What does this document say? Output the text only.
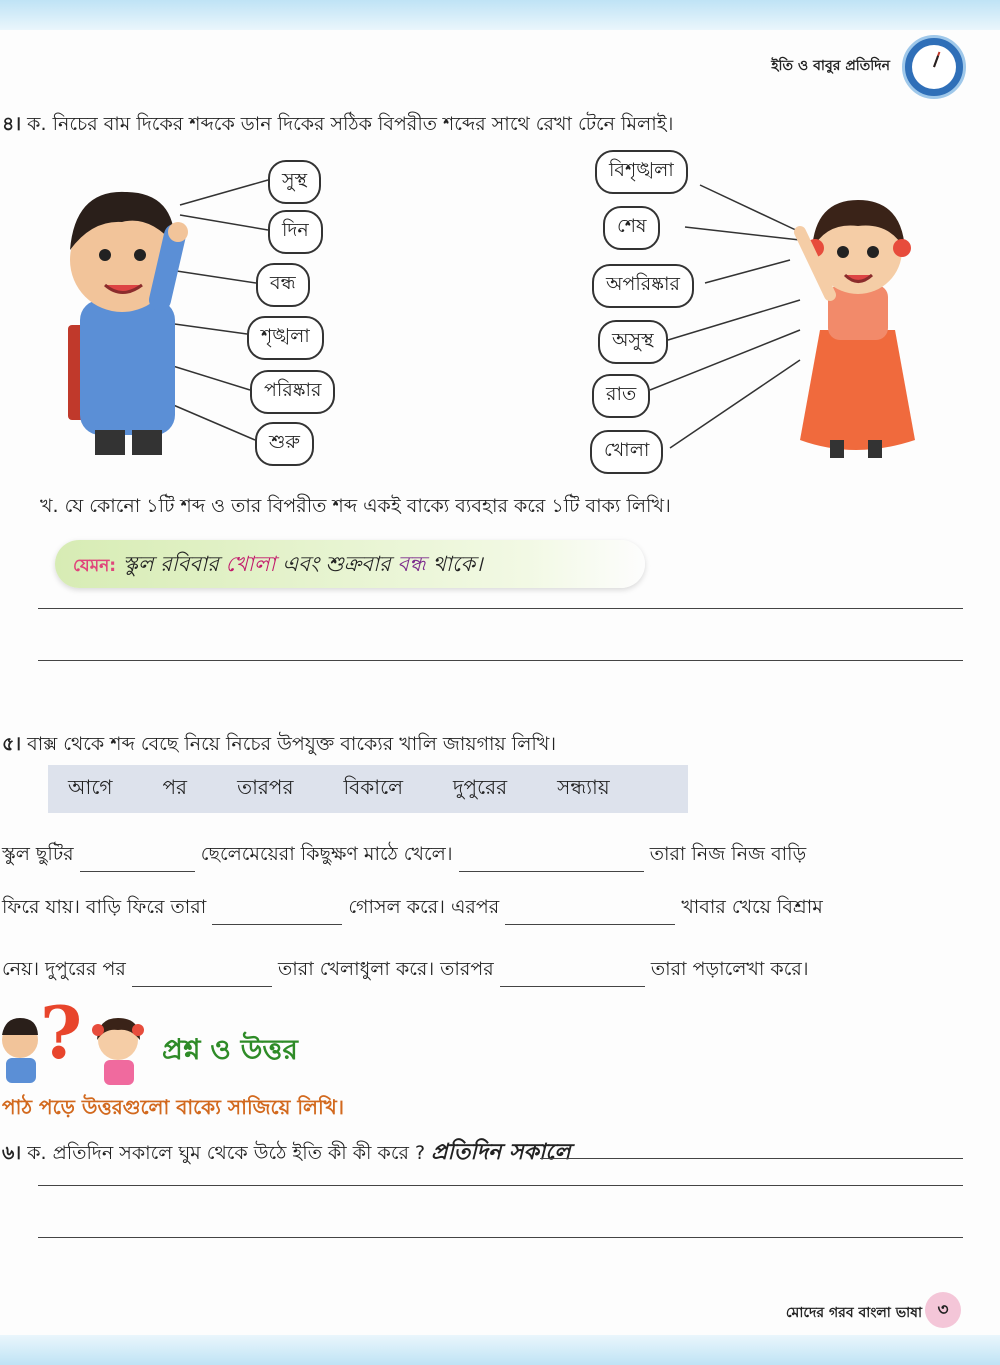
ইতি ও বাবুর প্রতিদিন
৪। ক. নিচের বাম দিকের শব্দকে ডান দিকের সঠিক বিপরীত শব্দের সাথে রেখা টেনে মিলাই।
সুস্থ
দিন
বন্ধ
শৃঙ্খলা
পরিষ্কার
শুরু
বিশৃঙ্খলা
শেষ
অপরিষ্কার
অসুস্থ
রাত
খোলা
খ. যে কোনো ১টি শব্দ ও তার বিপরীত শব্দ একই বাক্যে ব্যবহার করে ১টি বাক্য লিখি।
যেমন: স্কুল রবিবার খোলা এবং শুক্রবার বন্ধ থাকে।
৫। বাক্স থেকে শব্দ বেছে নিয়ে নিচের উপযুক্ত বাক্যের খালি জায়গায় লিখি।
আগে	পর	তারপর	বিকালে	দুপুরের	সন্ধ্যায়
স্কুল ছুটির	ছেলেমেয়েরা কিছুক্ষণ মাঠে খেলে।	তারা নিজ নিজ বাড়ি
ফিরে যায়। বাড়ি ফিরে তারা	গোসল করে। এরপর	খাবার খেয়ে বিশ্রাম
নেয়। দুপুরের পর	তারা খেলাধুলা করে। তারপর	তারা পড়ালেখা করে।
?	প্রশ্ন ও উত্তর
পাঠ পড়ে উত্তরগুলো বাক্যে সাজিয়ে লিখি।
৬। ক. প্রতিদিন সকালে ঘুম থেকে উঠে ইতি কী কী করে ? প্রতিদিন সকালে
মোদের গরব বাংলা ভাষা ৩
